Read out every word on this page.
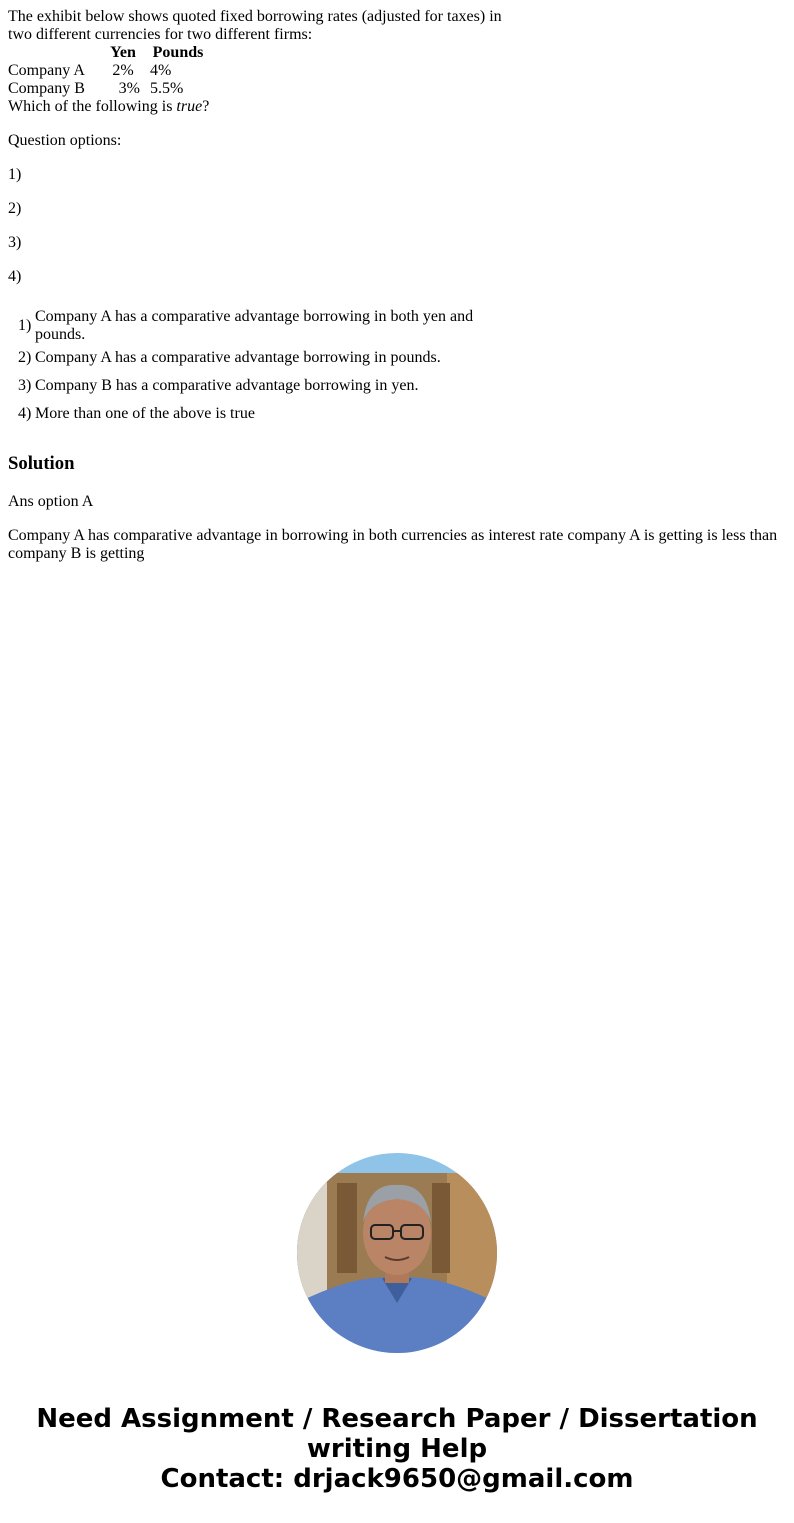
The exhibit below shows quoted fixed borrowing rates (adjusted for taxes) in two different currencies for two different firms:
	Yen	Pounds
Company A	2%	4%
Company B	3%	5.5%
Which of the following is true?
Question options:
1)
2)
3)
4)
1)	Company A has a comparative advantage borrowing in both yen and pounds.
2)	Company A has a comparative advantage borrowing in pounds.
3)	Company B has a comparative advantage borrowing in yen.
4)	More than one of the above is true
Solution

Ans option A

Company A has comparative advantage in borrowing in both currencies as interest rate company A is getting is less than company B is getting

Need Assignment / Research Paper / Dissertation
writing Help
Contact: drjack9650@gmail.com
